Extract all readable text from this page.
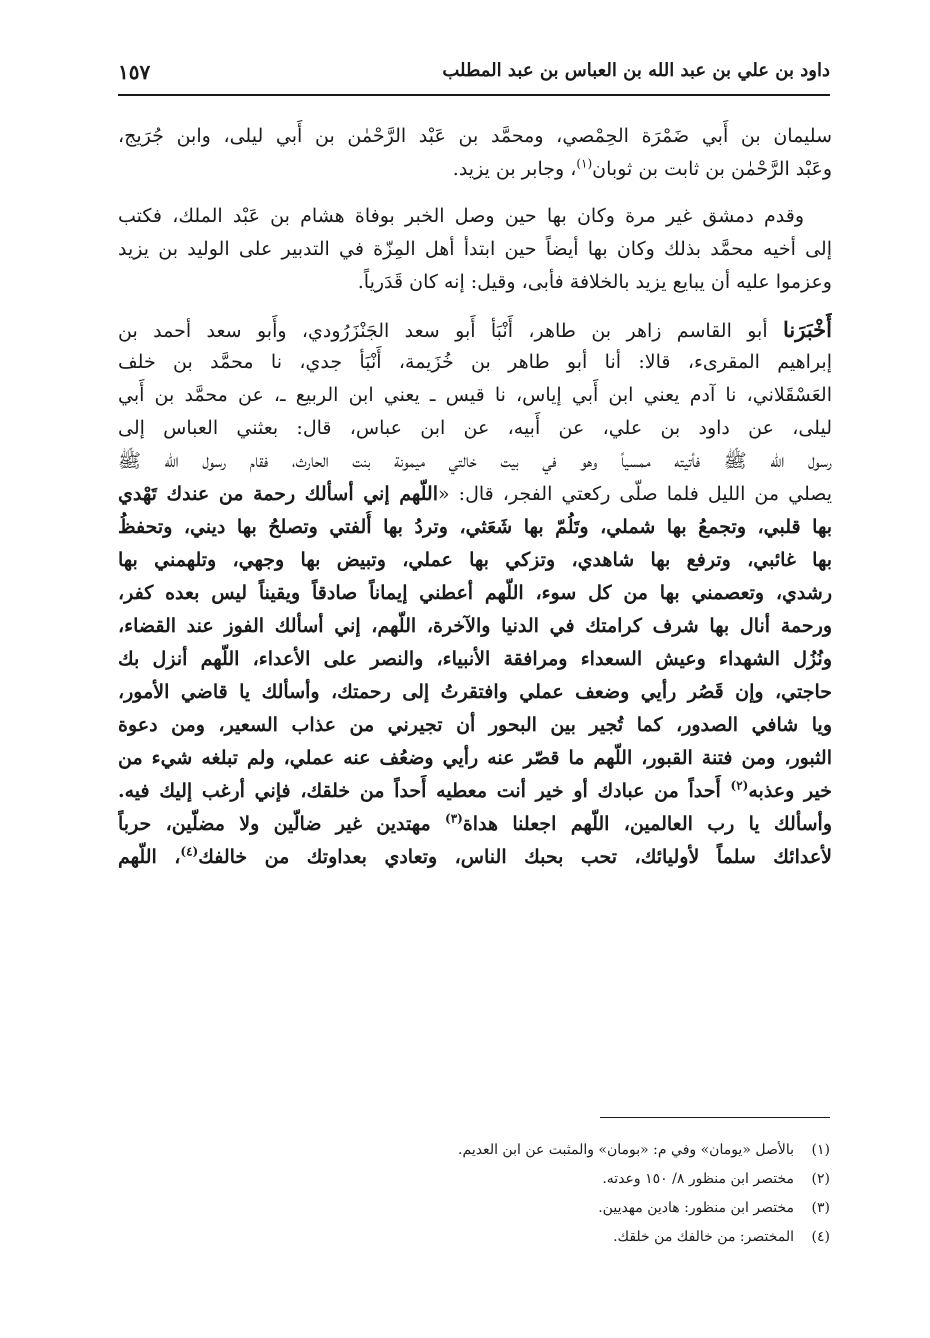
داود بن علي بن عبد الله بن العباس بن عبد المطلب
١٥٧
سليمان بن أَبي ضَمْرَة الحِمْصي، ومحمَّد بن عَبْد الرَّحْمٰن بن أَبي ليلى، وابن جُرَيج،
وعَبْد الرَّحْمٰن بن ثابت بن ثوبان$^{(١)}$، وجابر بن يزيد.
وقدم دمشق غير مرة وكان بها حين وصل الخبر بوفاة هشام بن عَبْد الملك، فكتب
إلى أخيه محمَّد بذلك وكان بها أيضاً حين ابتدأ أهل المِزّة في التدبير على الوليد بن يزيد
وعزموا عليه أن يبايع يزيد بالخلافة فأبى، وقيل: إنه كان قَدَرياً.
أَخْبَرَنا أبو القاسم زاهر بن طاهر، أَنْبَأ أَبو سعد الجَنْزَرُودي، وأَبو سعد أحمد بن
إبراهيم المقرىء، قالا: أنا أبو طاهر بن خُزَيمة، أَنْبَأ جدي، نا محمَّد بن خلف
العَسْقَلاني، نا آدم يعني ابن أَبي إياس، نا قيس ـ يعني ابن الربيع ـ، عن محمَّد بن أَبي
ليلى، عن داود بن علي، عن أَبيه، عن ابن عباس، قال: بعثني العباس إلى
رسول الله ﷺ فأتيته ممسياً وهو في بيت خالتي ميمونة بنت الحارث، فقام رسول الله ﷺ
يصلي من الليل فلما صلّى ركعتي الفجر، قال: «اللّهم إني أسألك رحمة من عندك تَهْدي
بها قلبي، وتجمعُ بها شملي، وتَلُمّ بها شَعَثي، وتردُ بها أُلفتي وتصلحُ بها ديني، وتحفظُ
بها غائبي، وترفع بها شاهدي، وتزكي بها عملي، وتبيض بها وجهي، وتلهمني بها
رشدي، وتعصمني بها من كل سوء، اللّهم أعطني إيماناً صادقاً ويقيناً ليس بعده كفر،
ورحمة أنال بها شرف كرامتك في الدنيا والآخرة، اللّهم، إني أسألك الفوز عند القضاء،
ونُزُل الشهداء وعيش السعداء ومرافقة الأنبياء، والنصر على الأعداء، اللّهم أنزل بك
حاجتي، وإن قَصُر رأيي وضعف عملي وافتقرتُ إلى رحمتك، وأسألك يا قاضي الأمور،
ويا شافي الصدور، كما تُجير بين البحور أن تجيرني من عذاب السعير، ومن دعوة
الثبور، ومن فتنة القبور، اللّهم ما قصّر عنه رأيي وضعُف عنه عملي، ولم تبلغه شيء من
خير وعذبه$^{(٢)}$ أَحداً من عبادك أو خير أنت معطيه أَحداً من خلقك، فإني أرغب إليك فيه.
وأسألك يا رب العالمين، اللّهم اجعلنا هداة$^{(٣)}$ مهتدين غير ضالّين ولا مضلّين، حرباً
لأعدائك سلماً لأوليائك، تحب بحبك الناس، وتعادي بعداوتك من خالفك$^{(٤)}$، اللّهم
(١)بالأصل «يومان» وفي م: «بومان» والمثبت عن ابن العديم.
(٢)مختصر ابن منظور ٨/ ١٥٠ وعدته.
(٣)مختصر ابن منظور: هادين مهديين.
(٤)المختصر: من خالفك من خلقك.
